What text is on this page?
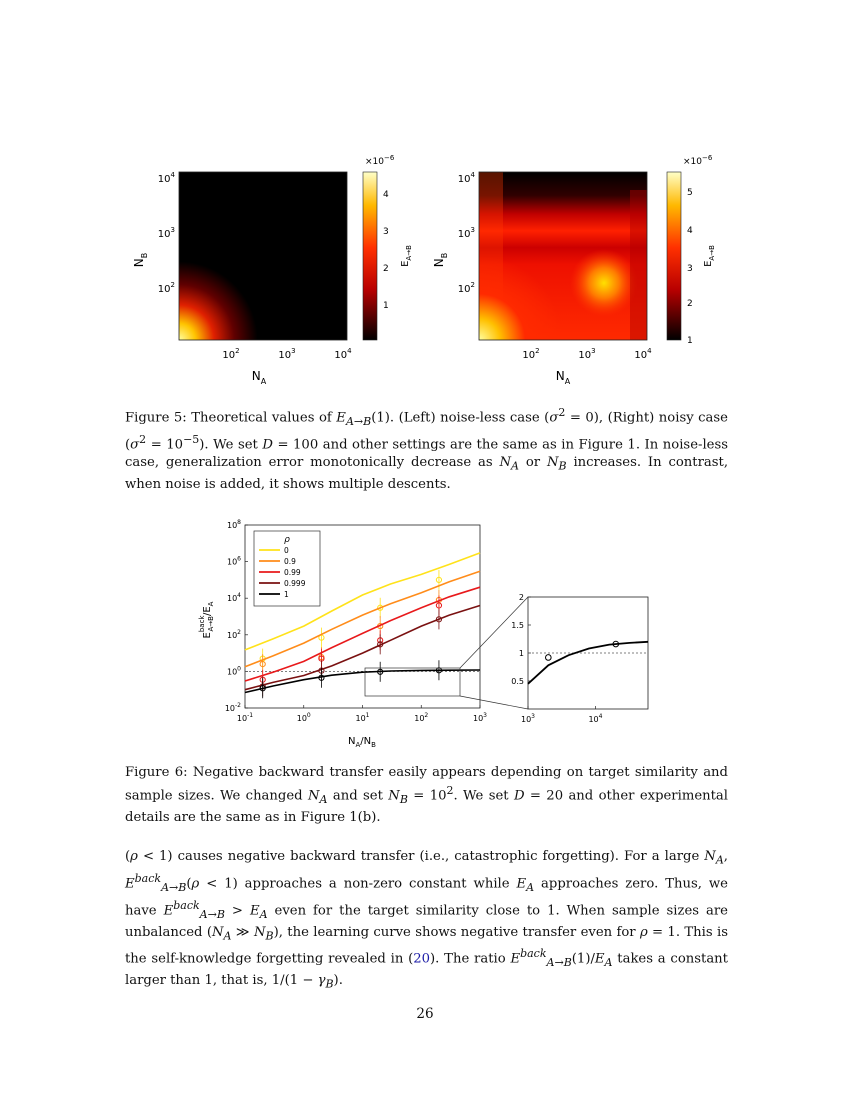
$10^4$
$10^3$
$10^2$
$10^2$	$10^3$	$10^4$
$N_A$
$N_B$
$\times 10^{-6}$
4
3
2
1
$E_{A\to B}$
$10^4$
$10^3$
$10^2$
$10^2$	$10^3$	$10^4$
$N_A$
$N_B$
$\times 10^{-6}$
5
4
3
2
1
$E_{A\to B}$
Figure 5: Theoretical values of $E_{A\to B}(1)$. (Left) noise-less case $(\sigma^2 = 0)$, (Right) noisy case $(\sigma^2 = 10^{-5})$. We set D = 100 and other settings are the same as in Figure 1. In noise-less case, generalization error monotonically decrease as $N_A$ or $N_B$ increases. In contrast, when noise is added, it shows multiple descents.
$10^8$
$10^6$
$10^4$
$10^2$
$10^0$
$10^{-2}$
$10^{-1}$	$10^0$	$10^1$	$10^2$	$10^3$
$E^{back}A\to B/E_A$
$N_A/N_B$
ρ
0
0.9
0.99
0.999
1	2
1.5
1
0.5
$10^3$	$10^4$
Figure 6: Negative backward transfer easily appears depending on target similarity and sample sizes. We changed $N_A$ and set $N_B = 10^2$. We set D = 20 and other experimental details are the same as in Figure 1(b).
(ρ < 1) causes negative backward transfer (i.e., catastrophic forgetting). For a large $N_A$, $E^{back}_{A\to B}(\rho < 1)$ approaches a non-zero constant while $E_A$ approaches zero. Thus, we have $E^{back}_{A\to B} > E_A$ even for the target similarity close to 1. When sample sizes are unbalanced ($N_A$ ≫ $N_B$), the learning curve shows negative transfer even for ρ = 1. This is the self-knowledge forgetting revealed in (20). The ratio $E^{back}_{A\to B}(1)/E_A$ takes a constant larger than 1, that is, $1/(1 - \gamma_B)$.
26
